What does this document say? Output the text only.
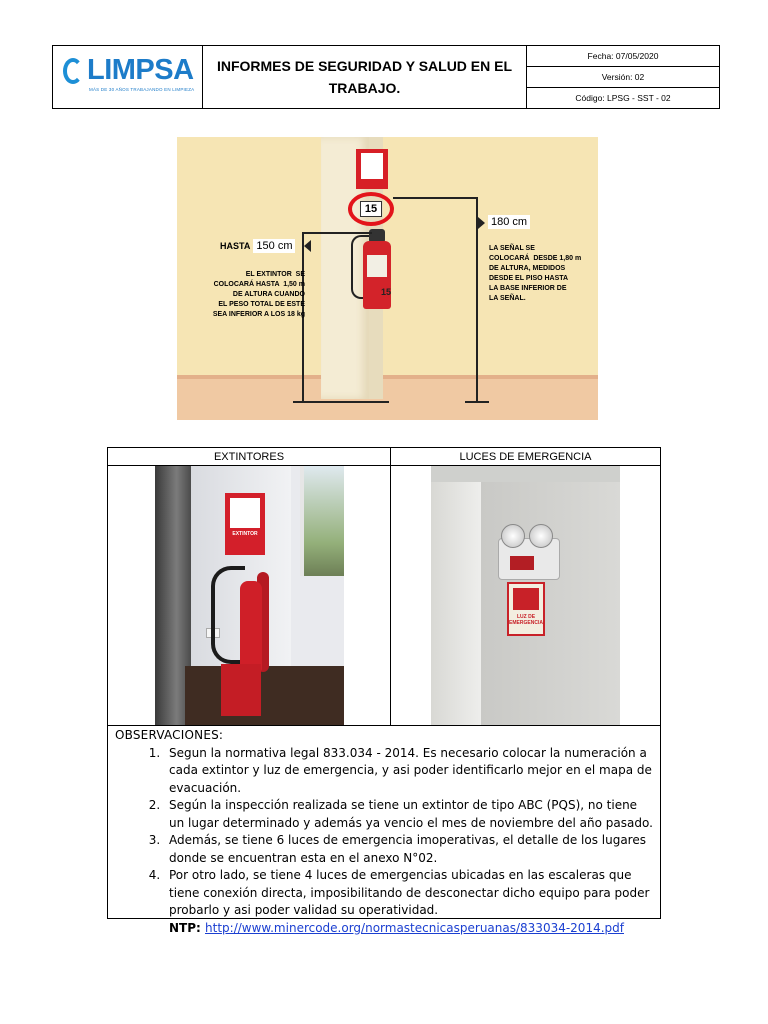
LIMPSA
MÁS DE 30 AÑOS TRABAJANDO EN LIMPIEZA
INFORMES DE SEGURIDAD Y SALUD EN EL TRABAJO.
Fecha: 07/05/2020
Versión: 02
Código: LPSG - SST - 02
15
15
HASTA 150 cm
180 cm
EL EXTINTOR  SE
COLOCARÁ HASTA  1,50 m
DE ALTURA CUANDO
EL PESO TOTAL DE ESTE
SEA INFERIOR A LOS 18 kg
LA SEÑAL SE
COLOCARÁ  DESDE 1,80 m
DE ALTURA, MEDIDOS
DESDE EL PISO HASTA
LA BASE INFERIOR DE
LA SEÑAL.
EXTINTORES	LUCES DE EMERGENCIA
EXTINTOR
LUZ DE EMERGENCIA
OBSERVACIONES:
1. Segun la normativa legal 833.034 - 2014. Es necesario colocar la numeración a cada extintor y luz de emergencia, y asi poder identificarlo mejor en el mapa de evacuación.
2. Según la inspección realizada se tiene un extintor de tipo ABC (PQS), no tiene un lugar determinado y además ya vencio el mes de noviembre del año pasado.
3. Además, se tiene 6 luces de emergencia imoperativas, el detalle de los lugares donde se encuentran esta en el anexo N°02.
4. Por otro lado, se tiene 4 luces de emergencias ubicadas en las escaleras que tiene conexión directa, imposibilitando de desconectar dicho equipo para poder probarlo y asi poder validad su operatividad.
NTP: http://www.minercode.org/normastecnicasperuanas/833034-2014.pdf
